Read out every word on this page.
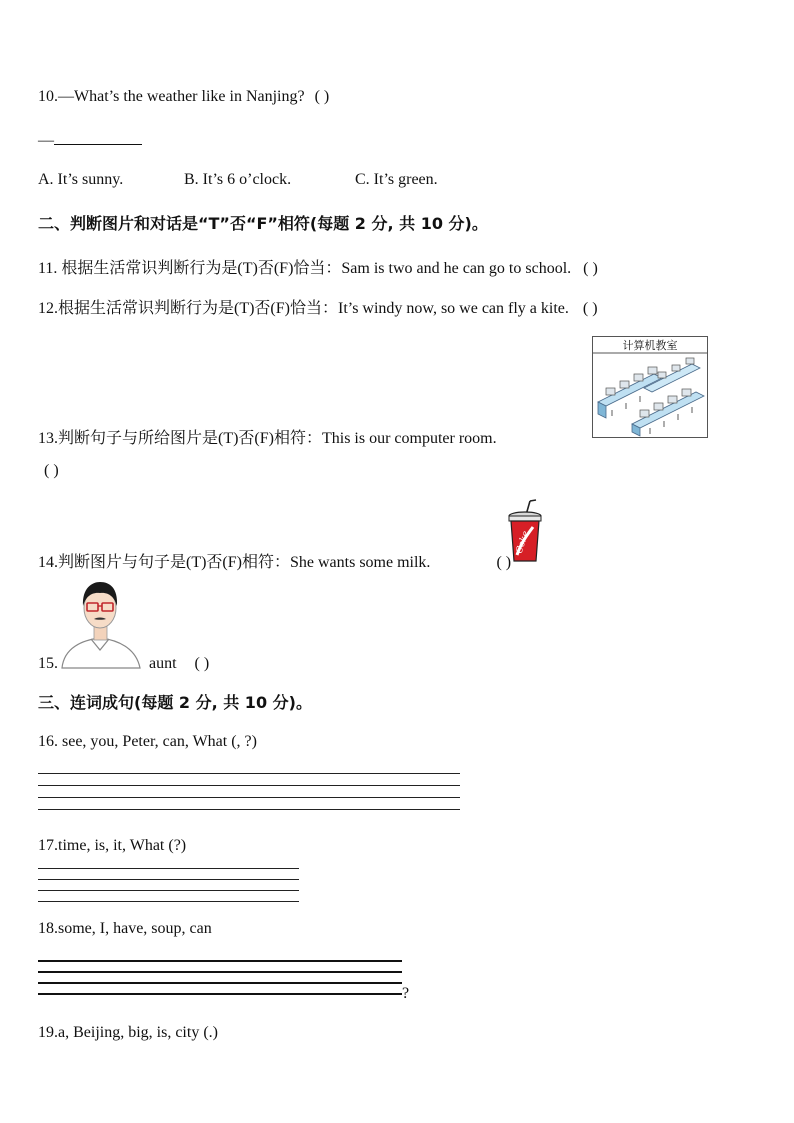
10.—What’s the weather like in Nanjing? ( )
—
A. It’s sunny.	B. It’s 6 o’clock.	C. It’s green.
二、判断图片和对话是“T”否“F”相符(每题 2 分, 共 10 分)。
11. 根据生活常识判断行为是(T)否(F)恰当：Sam is two and he can go to school. ( )
12.根据生活常识判断行为是(T)否(F)恰当：It’s windy now, so we can fly a kite. ( )
计算机教室
13.判断句子与所给图片是(T)否(F)相符：This is our computer room.
( )
Coke
14.判断图片与句子是(T)否(F)相符：She wants some milk.	( )
15.	aunt ( )
三、连词成句(每题 2 分, 共 10 分)。
16. see, you, Peter, can, What (, ?)
17.time, is, it, What (?)
18.some, I, have, soup, can
?
19.a, Beijing, big, is, city (.)
